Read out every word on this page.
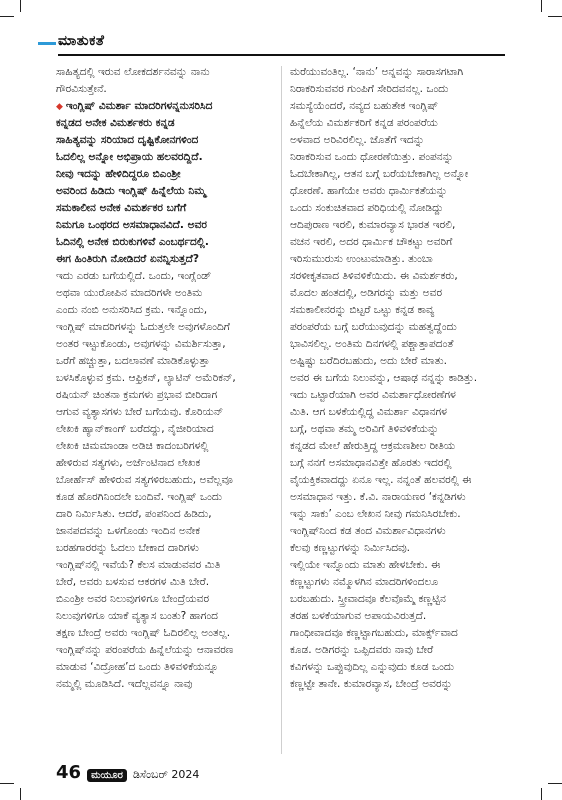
ಮಾತುಕತೆ
ಸಾಹಿತ್ಯದಲ್ಲಿ ಇರುವ ಲೋಕದರ್ಶನವನ್ನು ನಾನು
ಗೌರವಿಸುತ್ತೇನೆ.
◆ ಇಂಗ್ಲಿಷ್ ವಿಮರ್ಶಾ ಮಾದರಿಗಳನ್ನನುಸರಿಸಿದ
ಕನ್ನಡದ ಅನೇಕ ವಿಮರ್ಶಕರು ಕನ್ನಡ
ಸಾಹಿತ್ಯವನ್ನು ಸರಿಯಾದ ದೃಷ್ಟಿಕೋನಗಳಿಂದ
ಓದಲಿಲ್ಲ ಅನ್ನೋ ಅಭಿಪ್ರಾಯ ಹಲವರದ್ದಿದೆ.
ನೀವು ಇದನ್ನು ಹೇಳಿದಿದ್ದರೂ ಬಿಎಂಶ್ರೀ
ಅವರಿಂದ ಹಿಡಿದು ಇಂಗ್ಲಿಷ್ ಹಿನ್ನೆಲೆಯ ನಿಮ್ಮ
ಸಮಕಾಲೀನ ಅನೇಕ ವಿಮರ್ಶಕರ ಬಗೆಗೆ
ನಿಮಗೂ ಒಂಥರದ ಅಸಮಾಧಾನವಿದೆ. ಅವರ
ಓದಿನಲ್ಲಿ ಅನೇಕ ಬಿರುಕುಗಳಿವೆ ಎಂಬರ್ಥದಲ್ಲಿ.
ಈಗ ಹಿಂತಿರುಗಿ ನೋಡಿದರೆ ಏನನ್ನಿಸುತ್ತದೆ?
ಇದು ಎರಡು ಬಗೆಯಲ್ಲಿದೆ. ಒಂದು, ಇಂಗ್ಲೆಂಡ್
ಅಥವಾ ಯುರೋಪಿನ ಮಾದರಿಗಳೇ ಅಂತಿಮ
ಎಂದು ನಂಬಿ ಅನುಸರಿಸಿದ ಕ್ರಮ. ಇನ್ನೊಂದು,
ಇಂಗ್ಲಿಷ್ ಮಾದರಿಗಳನ್ನು ಓದುತ್ತಲೇ ಅವುಗಳೊಂದಿಗೆ
ಅಂತರ ಇಟ್ಟುಕೊಂಡು, ಅವುಗಳನ್ನು ವಿಮರ್ಶಿಸುತ್ತಾ,
ಒರೆಗೆ ಹಚ್ಚುತ್ತಾ, ಬದಲಾವಣೆ ಮಾಡಿಕೊಳ್ಳುತ್ತಾ
ಬಳಸಿಕೊಳ್ಳುವ ಕ್ರಮ. ಆಫ್ರಿಕನ್, ಲ್ಯಾಟಿನ್ ಅಮೆರಿಕನ್,
ರಷಿಯನ್ ಚಿಂತನಾ ಕ್ರಮಗಳು ಪ್ರಭಾವ ಬೀರಿದಾಗ
ಆಗುವ ವ್ಯತ್ಯಾಸಗಳು ಬೇರೆ ಬಗೆಯವು. ಕೊರಿಯನ್
ಲೇಖಕಿ ಹ್ಯಾನ್‌ಕಾಂಗ್ ಬರೆದದ್ದು, ನೈಜೀರಿಯಾದ
ಲೇಖಕಿ ಚಿಮಮಾಂಡಾ ಅಡಿಚಿ ಕಾದಂಬರಿಗಳಲ್ಲಿ
ಹೇಳಿರುವ ಸತ್ಯಗಳು, ಅರ್ಜೆಂಟಿನಾದ ಲೇಖಕ
ಬೋರ್ಹೆಸ್ ಹೇಳಿರುವ ಸತ್ಯಗಳಿರಬಹುದು, ಅವೆಲ್ಲವೂ
ಕೂಡ ಹೊರಗಿನಿಂದಲೇ ಬಂದಿವೆ. ಇಂಗ್ಲಿಷ್ ಒಂದು
ದಾರಿ ನಿರ್ಮಿಸಿತು. ಆದರೆ, ಪಂಪನಿಂದ ಹಿಡಿದು,
ಜಾನಪದವನ್ನು ಒಳಗೊಂಡು ಇಂದಿನ ಅನೇಕ
ಬರಹಗಾರರನ್ನು ಓದಲು ಬೇಕಾದ ದಾರಿಗಳು
ಇಂಗ್ಲಿಷ್‌ನಲ್ಲಿ ಇವೆಯೆ? ಕೆಲಸ ಮಾಡುವವರ ಮಿತಿ
ಬೇರೆ, ಅವರು ಬಳಸುವ ಆಕರಗಳ ಮಿತಿ ಬೇರೆ.
ಬಿಎಂಶ್ರೀ ಅವರ ನಿಲುವುಗಳಿಗೂ ಬೇಂದ್ರೆಯವರ
ನಿಲುವುಗಳಿಗೂ ಯಾಕೆ ವ್ಯತ್ಯಾಸ ಬಂತು? ಹಾಗಂದ
ತಕ್ಷಣ ಬೇಂದ್ರೆ ಅವರು ಇಂಗ್ಲಿಷ್ ಓದಿರಲಿಲ್ಲ ಅಂತಲ್ಲ.
ಇಂಗ್ಲಿಷ್‌ನನ್ನು ಪರಂಪರೆಯ ಹಿನ್ನೆಲೆಯನ್ನು ಆನಾವರಣ
ಮಾಡುವ ‘ವಿದ್ರೋಹ’ದ ಒಂದು ತಿಳಿವಳಿಕೆಯನ್ನೂ
ನಮ್ಮಲ್ಲಿ ಮೂಡಿಸಿದೆ. ಇದೆಲ್ಲವನ್ನೂ ನಾವು
ಮರೆಯುವಂತಿಲ್ಲ. ‘ನಾನು’ ಅನ್ನವನ್ನು ಸಾರಾಸಗಟಾಗಿ
ನಿರಾಕರಿಸುವವರ ಗುಂಪಿಗೆ ಸೇರಿದವನಲ್ಲ. ಒಂದು
ಸಮಸ್ಯೆಯೆಂದರೆ, ನವ್ಯದ ಬಹುತೇಕ ಇಂಗ್ಲಿಷ್
ಹಿನ್ನೆಲೆಯ ವಿಮರ್ಶಕರಿಗೆ ಕನ್ನಡ ಪರಂಪರೆಯ
ಅಳವಾದ ಅರಿವಿರಲಿಲ್ಲ. ಜೊತೆಗೆ ಇದನ್ನು
ನಿರಾಕರಿಸುವ ಒಂದು ಧೋರಣೆಯಿತ್ತು. ಪಂಪನನ್ನು
ಓದಬೇಕಾಗಿಲ್ಲ, ಆತನ ಬಗ್ಗೆ ಬರೆಯಬೇಕಾಗಿಲ್ಲ ಅನ್ನೋ
ಧೋರಣೆ. ಹಾಗೆಯೇ ಅವರು ಧಾರ್ಮಿಕತೆಯನ್ನು
ಒಂದು ಸಂಕುಚಿತವಾದ ಪರಿಧಿಯಲ್ಲಿ ನೋಡಿದ್ದು
ಆದಿಪುರಾಣ ಇರಲಿ, ಕುಮಾರವ್ಯಾಸ ಭಾರತ ಇರಲಿ,
ವಚನ ಇರಲಿ, ಅದರ ಧಾರ್ಮಿಕ ಚೌಕಟ್ಟು ಅವರಿಗೆ
ಇರಿಸುಮುರುಸು ಉಂಟುಮಾಡಿತ್ತು. ತುಂಬಾ
ಸರಳೀಕೃತವಾದ ತಿಳಿವಳಿಕೆಯಿದು. ಈ ವಿಮರ್ಶಕರು,
ಮೊದಲ ಹಂತದಲ್ಲಿ, ಅಡಿಗರನ್ನು ಮತ್ತು ಅವರ
ಸಮಕಾಲೀನರನ್ನು ಬಿಟ್ಟರೆ ಒಟ್ಟು ಕನ್ನಡ ಕಾವ್ಯ
ಪರಂಪರೆಯ ಬಗ್ಗೆ ಬರೆಯುವುದನ್ನು ಮಹತ್ವದ್ದೆಂದು
ಭಾವಿಸಲಿಲ್ಲ. ಅಂತಿಮ ದಿನಗಳಲ್ಲಿ ಪಶ್ಚಾತ್ತಾಪದಂತೆ
ಅಷ್ಟಿಷ್ಟು ಬರೆದಿರಬಹುದು, ಅದು ಬೇರೆ ಮಾತು.
ಅವರ ಈ ಬಗೆಯ ನಿಲುವನ್ನು, ಆಷಾಢ ನನ್ನನ್ನು ಕಾಡಿತ್ತು.
ಇದು ಒಟ್ಟಾರೆಯಾಗಿ ಅವರ ವಿಮರ್ಶಾಧೋರಣೆಗಳ
ಮಿತಿ. ಆಗ ಬಳಕೆಯಲ್ಲಿದ್ದ ವಿಮರ್ಶಾ ವಿಧಾನಗಳ
ಬಗ್ಗೆ, ಅಥವಾ ತಮ್ಮ ಅರಿವಿಗೆ ತಿಳಿವಳಿಕೆಯನ್ನು
ಕನ್ನಡದ ಮೇಲೆ ಹೇರುತ್ತಿದ್ದ ಆಕ್ರಮಣಶೀಲ ರೀತಿಯ
ಬಗ್ಗೆ ನನಗೆ ಅಸಮಾಧಾನವಿತ್ತೇ ಹೊರತು ಇದರಲ್ಲಿ
ವೈಯಕ್ತಿಕವಾದದ್ದು ಏನೂ ಇಲ್ಲ. ನನ್ನಂತೆ ಹಲವರಲ್ಲಿ ಈ
ಅಸಮಾಧಾನ ಇತ್ತು. ಕೆ.ವಿ. ನಾರಾಯಣರ ‘ಕನ್ನಡಿಗಳು
ಇನ್ನು ಸಾಕು’ ಎಂಬ ಲೇಖನ ನೀವು ಗಮನಿಸಿರಬೇಕು.
ಇಂಗ್ಲಿಷ್‌ನಿಂದ ಕಡ ತಂದ ವಿಮರ್ಶಾವಿಧಾನಗಳು
ಕೆಲವು ಕಣ್ಣಟ್ಟುಗಳನ್ನು ನಿರ್ಮಿಸಿದವು.
ಇಲ್ಲಿಯೇ ಇನ್ನೊಂದು ಮಾತು ಹೇಳಬೇಕು. ಈ
ಕಣ್ಣಟ್ಟುಗಳು ನಮ್ಮೊಳಗಿನ ಮಾದರಿಗಳಿಂದಲೂ
ಬರಬಹುದು. ಸ್ತ್ರೀವಾದವೂ ಕೆಲವೊಮ್ಮೆ ಕಣ್ಣಟ್ಟಿನ
ತರಹ ಬಳಕೆಯಾಗುವ ಅಪಾಯವಿರುತ್ತದೆ.
ಗಾಂಧೀವಾದವೂ ಕಣ್ಣಟ್ಟಾಗಬಹುದು, ಮಾರ್ಕ್ಸ್‌ವಾದ
ಕೂಡ. ಅಡಿಗರನ್ನು ಒಪ್ಪಿದವರು ನಾವು ಬೇರೆ
ಕವಿಗಳನ್ನು ಒಪ್ಪುವುದಿಲ್ಲ ಎನ್ನುವುದು ಕೂಡ ಒಂದು
ಕಣ್ಣಟ್ಟೇ ತಾನೇ. ಕುಮಾರವ್ಯಾಸ, ಬೇಂದ್ರೆ ಅವರನ್ನು
46	ಮಯೂರ ಡಿಸೆಂಬರ್ 2024
